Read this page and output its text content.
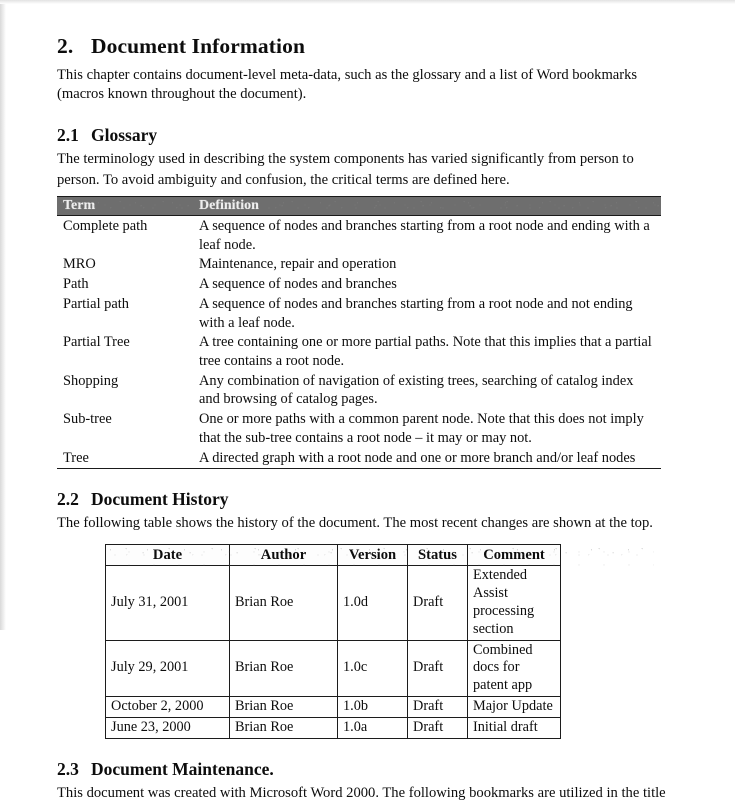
2. Document Information

This chapter contains document-level meta-data, such as the glossary and a list of Word bookmarks (macros known throughout the document).

2.1 Glossary

The terminology used in describing the system components has varied significantly from person to

person. To avoid ambiguity and confusion, the critical terms are defined here.

Term	Definition	
Complete path	A sequence of nodes and branches starting from a root node and ending with a leaf node.
MRO	Maintenance, repair and operation
Path	A sequence of nodes and branches
Partial path	A sequence of nodes and branches starting from a root node and not ending with a leaf node.
Partial Tree	A tree containing one or more partial paths. Note that this implies that a partial tree contains a root node.
Shopping	Any combination of navigation of existing trees, searching of catalog index and browsing of catalog pages.
Sub-tree	One or more paths with a common parent node. Note that this does not imply that the sub-tree contains a root node – it may or may not.
Tree	A directed graph with a root node and one or more branch and/or leaf nodes
2.2 Document History

The following table shows the history of the document. The most recent changes are shown at the top.

Date	Author	Version	Status	Comment	
July 31, 2001	Brian Roe	1.0d	Draft	Extended Assist processing section
July 29, 2001	Brian Roe	1.0c	Draft	Combined docs for patent app
October 2, 2000	Brian Roe	1.0b	Draft	Major Update
June 23, 2000	Brian Roe	1.0a	Draft	Initial draft
2.3 Document Maintenance.

This document was created with Microsoft Word 2000. The following bookmarks are utilized in the title
